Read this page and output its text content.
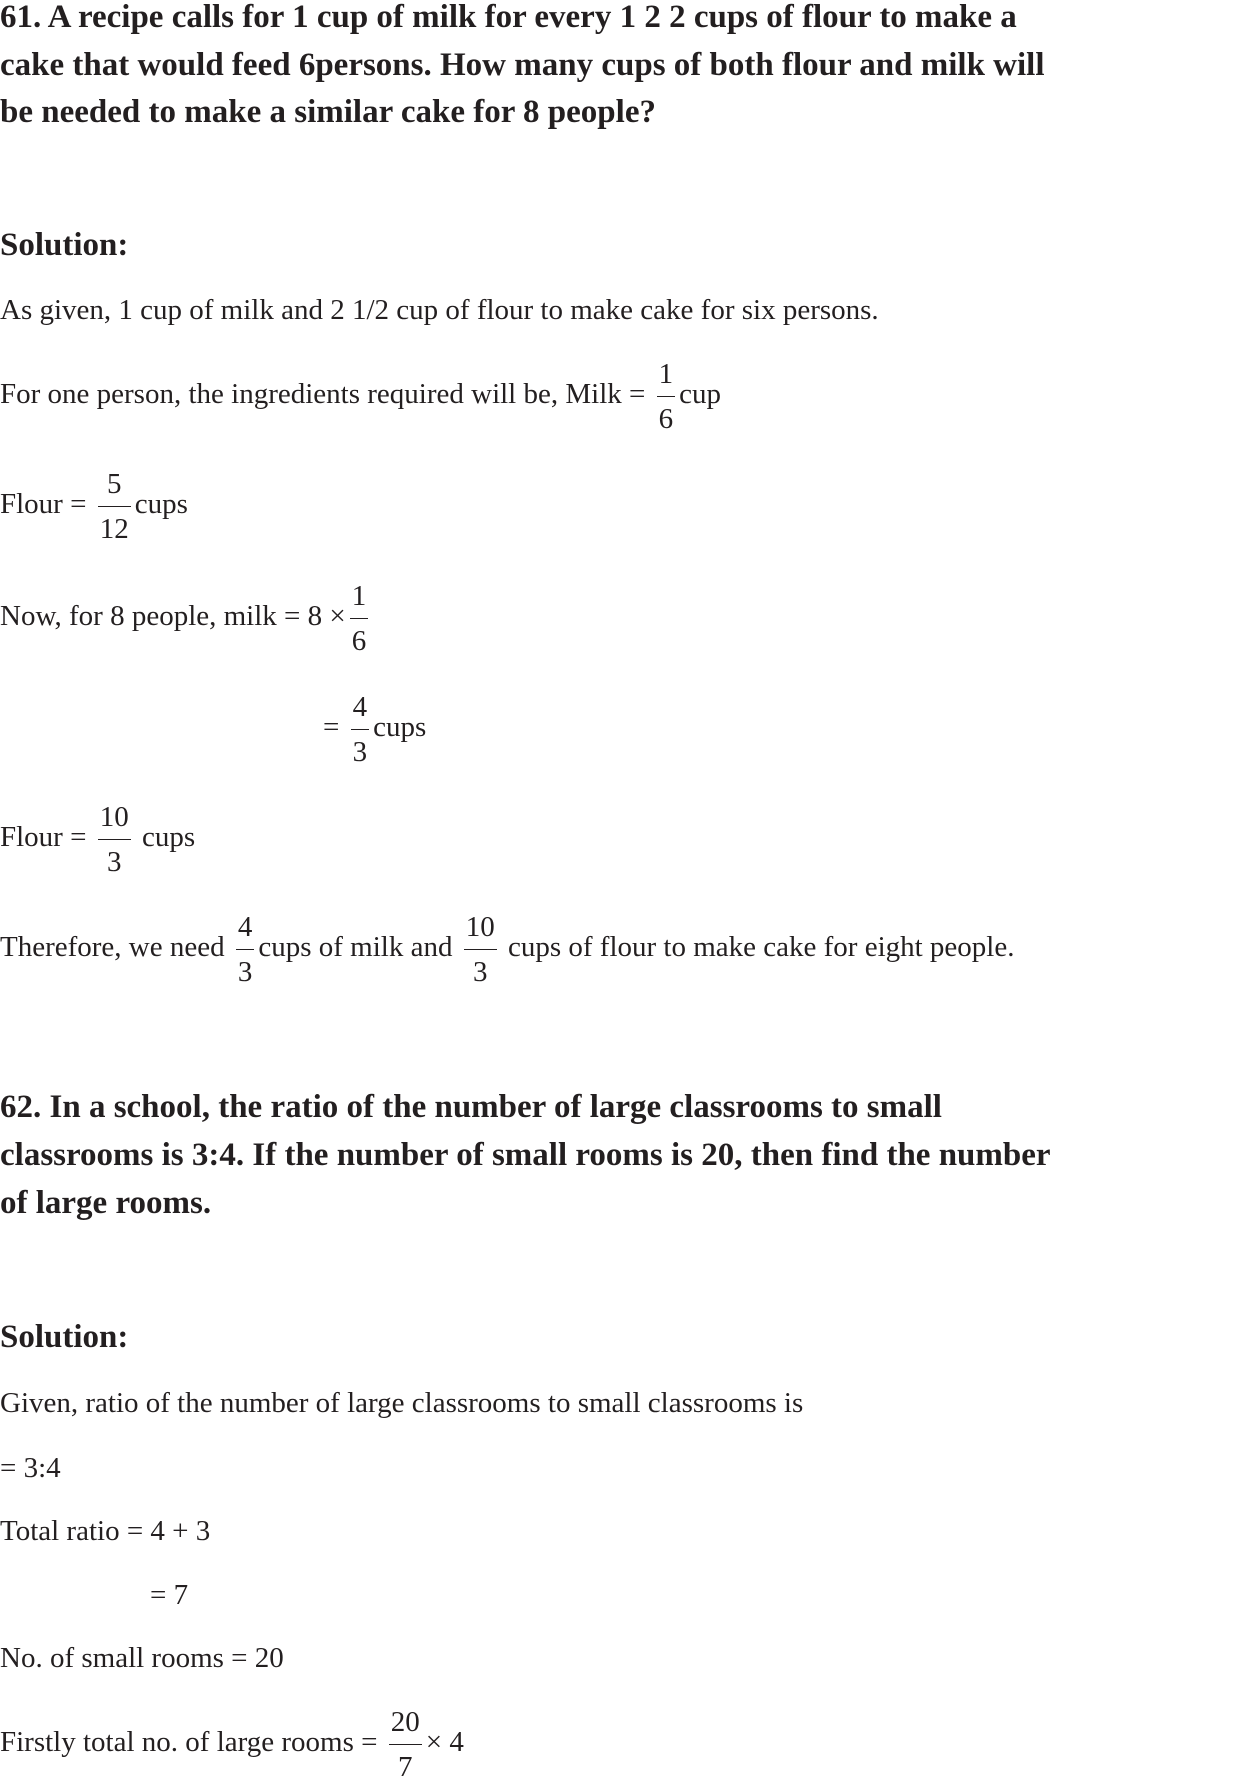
61. A recipe calls for 1 cup of milk for every 1 2 2 cups of flour to make a
cake that would feed 6persons. How many cups of both flour and milk will
be needed to make a similar cake for 8 people?
Solution:
As given, 1 cup of milk and 2 1/2 cup of flour to make cake for six persons.
For one person, the ingredients required will be, Milk = $\frac{1}{6}$ cup
Flour = $\frac{5}{12}$ cups
Now, for 8 people, milk = $8 \times \frac{1}{6}$
= $\frac{4}{3}$ cups
Flour = $\frac{10}{3}$ cups
Therefore, we need $\frac{4}{3}$ cups of milk and $\frac{10}{3}$ cups of flour to make cake for eight people.
62. In a school, the ratio of the number of large classrooms to small
classrooms is 3:4. If the number of small rooms is 20, then find the number
of large rooms.
Solution:
Given, ratio of the number of large classrooms to small classrooms is
= 3:4
Total ratio = 4 + 3
= 7
No. of small rooms = 20
Firstly total no. of large rooms = $\frac{20}{7} \times 4$
